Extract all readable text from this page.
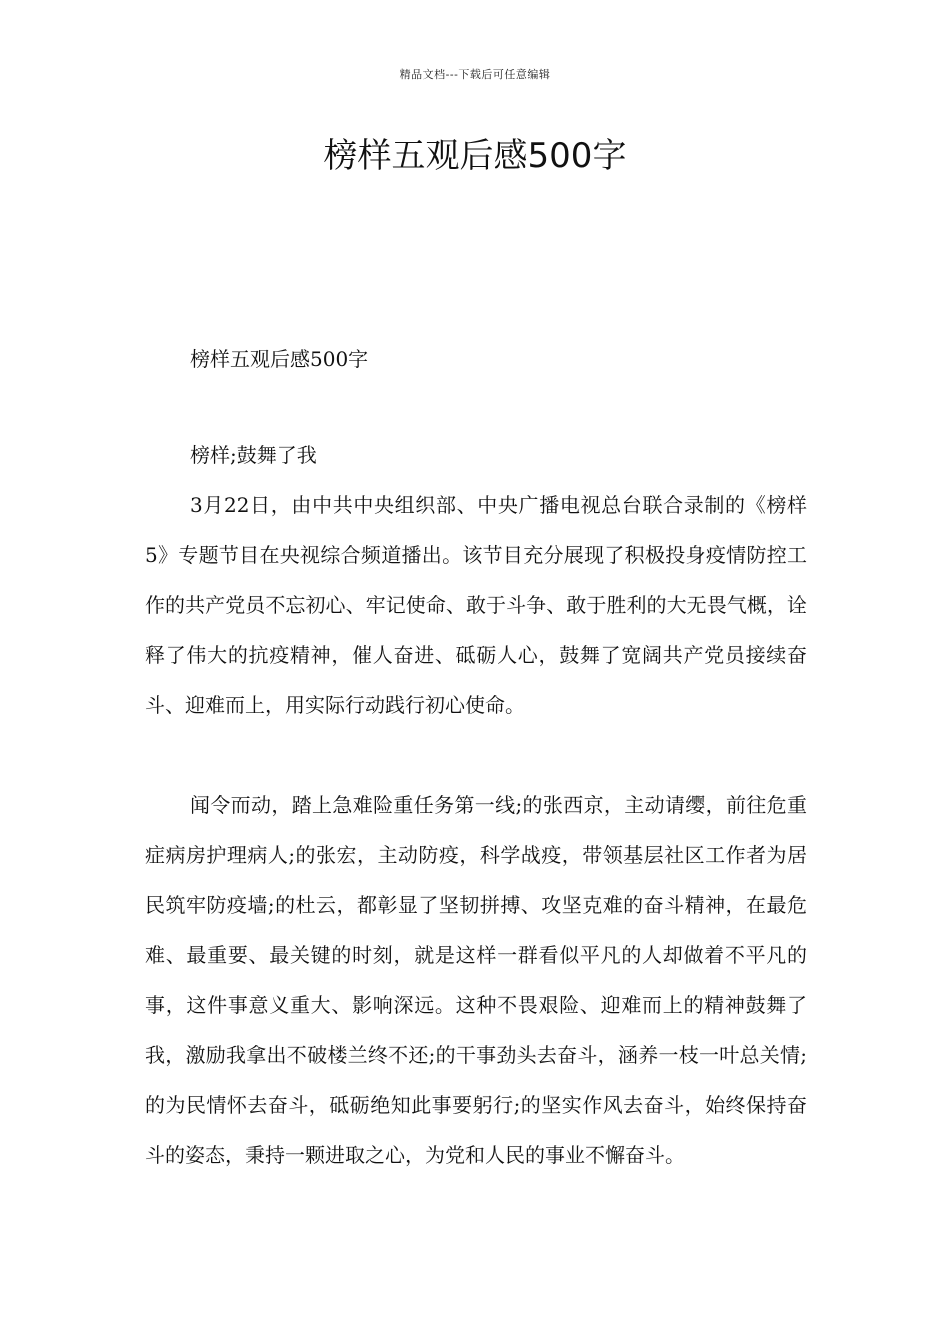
精品文档---下载后可任意编辑
榜样五观后感500字

榜样五观后感500字

榜样;鼓舞了我

3月22日，由中共中央组织部、中央广播电视总台联合录制的《榜样5》专题节目在央视综合频道播出。该节目充分展现了积极投身疫情防控工作的共产党员不忘初心、牢记使命、敢于斗争、敢于胜利的大无畏气概，诠释了伟大的抗疫精神，催人奋进、砥砺人心，鼓舞了宽阔共产党员接续奋斗、迎难而上，用实际行动践行初心使命。

闻令而动，踏上急难险重任务第一线;的张西京，主动请缨，前往危重症病房护理病人;的张宏，主动防疫，科学战疫，带领基层社区工作者为居民筑牢防疫墙;的杜云，都彰显了坚韧拼搏、攻坚克难的奋斗精神，在最危难、最重要、最关键的时刻，就是这样一群看似平凡的人却做着不平凡的事，这件事意义重大、影响深远。这种不畏艰险、迎难而上的精神鼓舞了我，激励我拿出不破楼兰终不还;的干事劲头去奋斗，涵养一枝一叶总关情;的为民情怀去奋斗，砥砺绝知此事要躬行;的坚实作风去奋斗，始终保持奋斗的姿态，秉持一颗进取之心，为党和人民的事业不懈奋斗。
